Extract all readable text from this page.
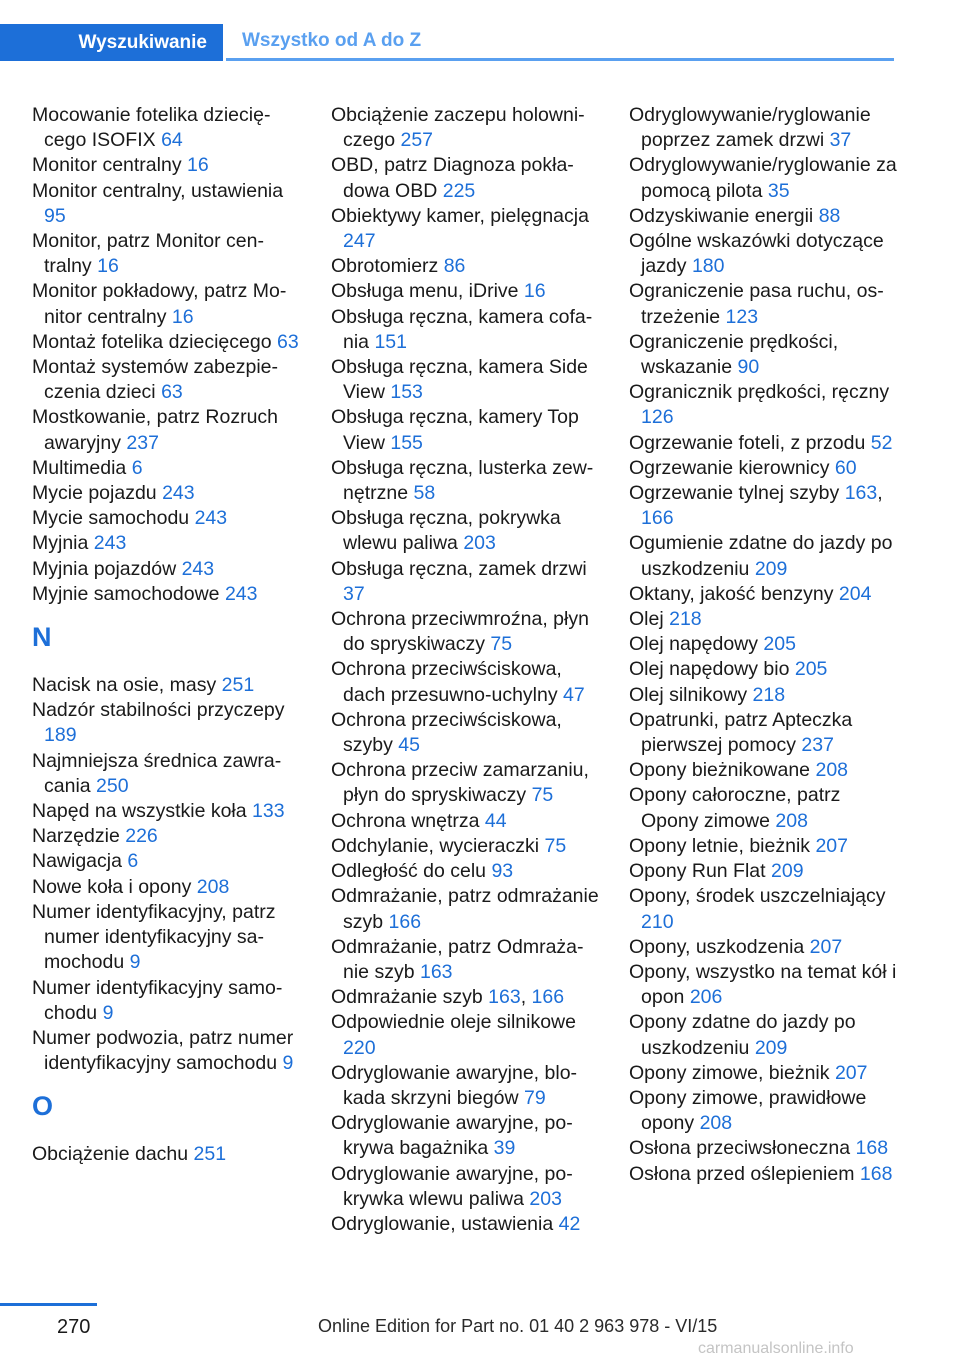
Wyszukiwanie	Wszystko od A do Z
Mocowanie fotelika dziecięcego ISOFIX 64
Monitor centralny 16
Monitor centralny, ustawienia 95
Monitor, patrz Monitor centralny 16
Monitor pokładowy, patrz Monitor centralny 16
Montaż fotelika dziecięcego 63
Montaż systemów zabezpieczenia dzieci 63
Mostkowanie, patrz Rozruch awaryjny 237
Multimedia 6
Mycie pojazdu 243
Mycie samochodu 243
Myjnia 243
Myjnia pojazdów 243
Myjnie samochodowe 243
N
Nacisk na osie, masy 251
Nadzór stabilności przyczepy 189
Najmniejsza średnica zawracania 250
Napęd na wszystkie koła 133
Narzędzie 226
Nawigacja 6
Nowe koła i opony 208
Numer identyfikacyjny, patrz numer identyfikacyjny samochodu 9
Numer identyfikacyjny samochodu 9
Numer podwozia, patrz numer identyfikacyjny samochodu 9
O
Obciążenie dachu 251
Obciążenie zaczepu holowniczego 257
OBD, patrz Diagnoza pokładowa OBD 225
Obiektywy kamer, pielęgnacja 247
Obrotomierz 86
Obsługa menu, iDrive 16
Obsługa ręczna, kamera cofania 151
Obsługa ręczna, kamera Side View 153
Obsługa ręczna, kamery Top View 155
Obsługa ręczna, lusterka zewnętrzne 58
Obsługa ręczna, pokrywka wlewu paliwa 203
Obsługa ręczna, zamek drzwi 37
Ochrona przeciwmroźna, płyn do spryskiwaczy 75
Ochrona przeciwściskowa, dach przesuwno-uchylny 47
Ochrona przeciwściskowa, szyby 45
Ochrona przeciw zamarzaniu, płyn do spryskiwaczy 75
Ochrona wnętrza 44
Odchylanie, wycieraczki 75
Odległość do celu 93
Odmrażanie, patrz odmrażanie szyb 166
Odmrażanie, patrz Odmrażanie szyb 163
Odmrażanie szyb 163, 166
Odpowiednie oleje silnikowe 220
Odryglowanie awaryjne, blokada skrzyni biegów 79
Odryglowanie awaryjne, pokrywa bagażnika 39
Odryglowanie awaryjne, pokrywka wlewu paliwa 203
Odryglowanie, ustawienia 42
Odryglowywanie/ryglowanie poprzez zamek drzwi 37
Odryglowywanie/ryglowanie za pomocą pilota 35
Odzyskiwanie energii 88
Ogólne wskazówki dotyczące jazdy 180
Ograniczenie pasa ruchu, ostrzeżenie 123
Ograniczenie prędkości, wskazanie 90
Ogranicznik prędkości, ręczny 126
Ogrzewanie foteli, z przodu 52
Ogrzewanie kierownicy 60
Ogrzewanie tylnej szyby 163, 166
Ogumienie zdatne do jazdy po uszkodzeniu 209
Oktany, jakość benzyny 204
Olej 218
Olej napędowy 205
Olej napędowy bio 205
Olej silnikowy 218
Opatrunki, patrz Apteczka pierwszej pomocy 237
Opony bieżnikowane 208
Opony całoroczne, patrz Opony zimowe 208
Opony letnie, bieżnik 207
Opony Run Flat 209
Opony, środek uszczelniający 210
Opony, uszkodzenia 207
Opony, wszystko na temat kół i opon 206
Opony zdatne do jazdy po uszkodzeniu 209
Opony zimowe, bieżnik 207
Opony zimowe, prawidłowe opony 208
Osłona przeciwsłoneczna 168
Osłona przed oślepieniem 168
270	Online Edition for Part no. 01 40 2 963 978 - VI/15
carmanualsonline.info
